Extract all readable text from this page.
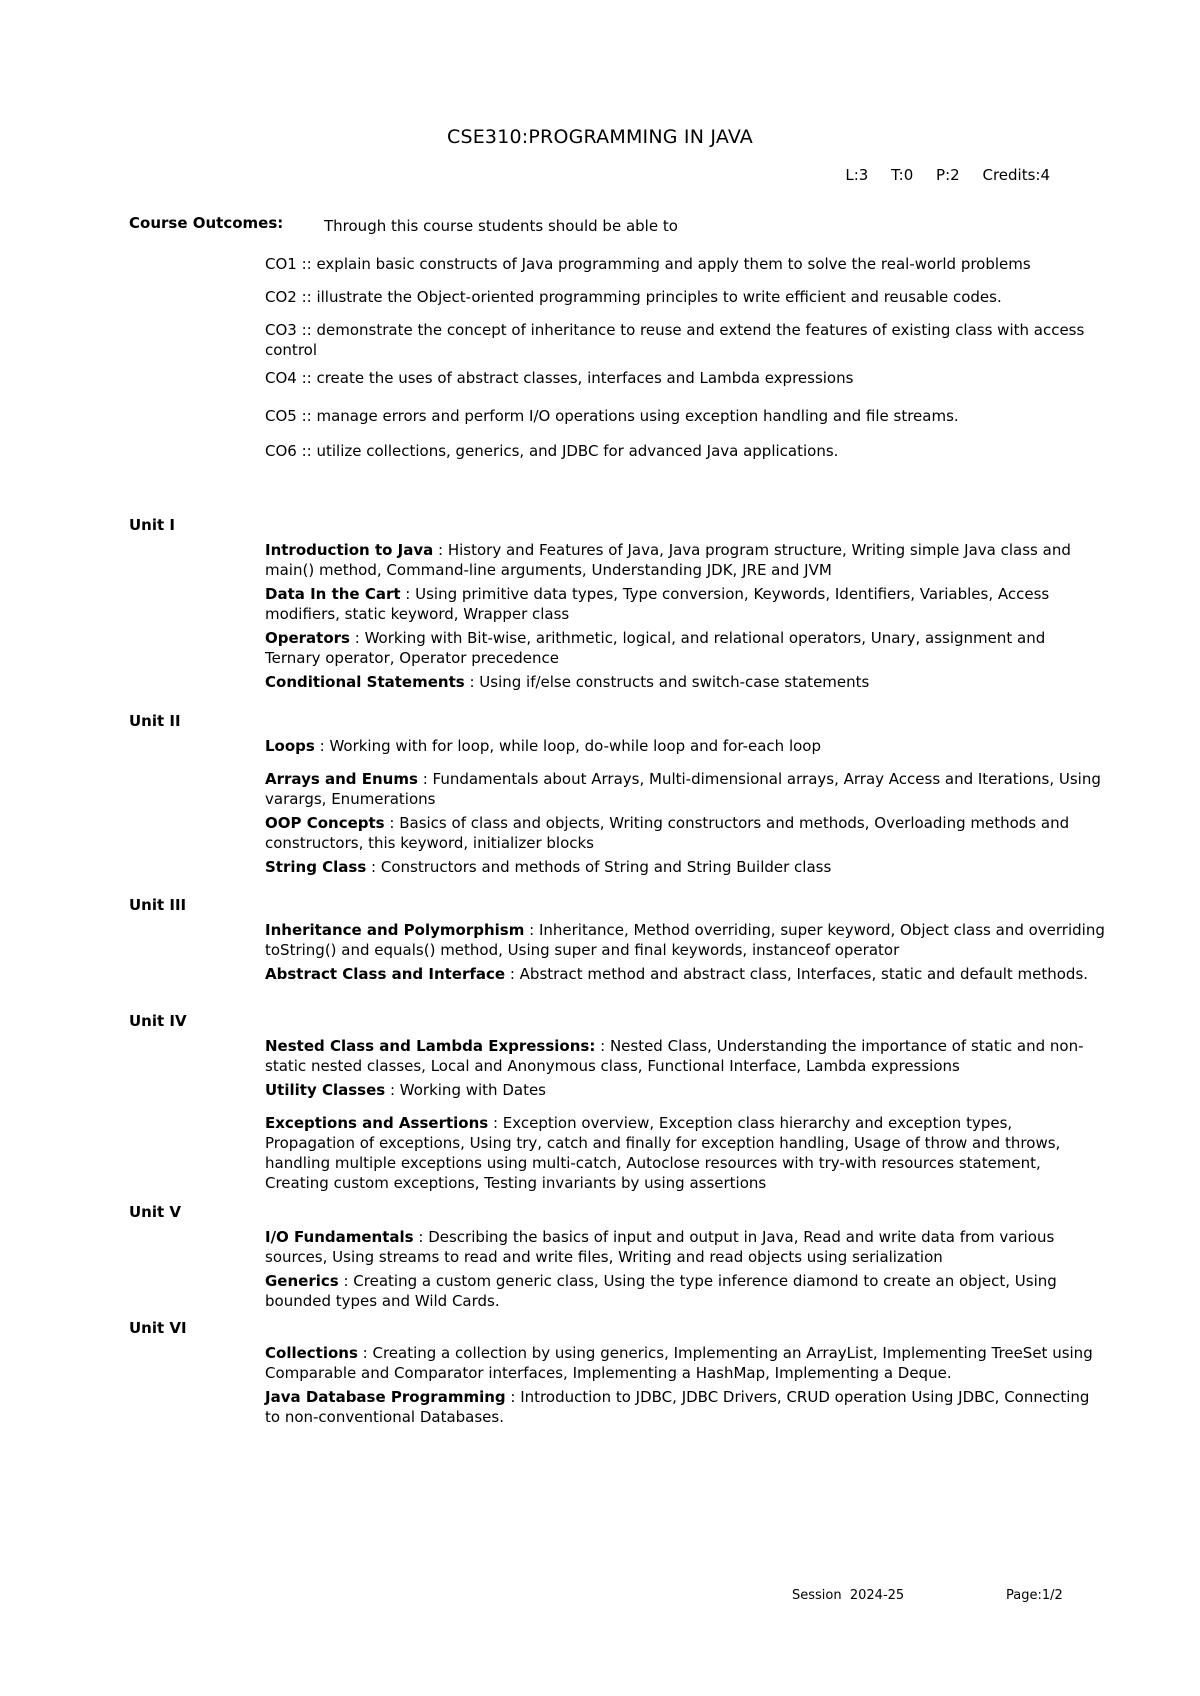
CSE310:PROGRAMMING IN JAVA
L:3 T:0 P:2 Credits:4
Course Outcomes:	Through this course students should be able to

CO1 :: explain basic constructs of Java programming and apply them to solve the real-world problems

CO2 :: illustrate the Object-oriented programming principles to write efficient and reusable codes.

CO3 :: demonstrate the concept of inheritance to reuse and extend the features of existing class with access control

CO4 :: create the uses of abstract classes, interfaces and Lambda expressions

CO5 :: manage errors and perform I/O operations using exception handling and file streams.

CO6 :: utilize collections, generics, and JDBC for advanced Java applications.

Unit I

Introduction to Java : History and Features of Java, Java program structure, Writing simple Java class and main() method, Command-line arguments, Understanding JDK, JRE and JVM

Data In the Cart : Using primitive data types, Type conversion, Keywords, Identifiers, Variables, Access modifiers, static keyword, Wrapper class

Operators : Working with Bit-wise, arithmetic, logical, and relational operators, Unary, assignment and Ternary operator, Operator precedence

Conditional Statements : Using if/else constructs and switch-case statements

Unit II

Loops : Working with for loop, while loop, do-while loop and for-each loop

Arrays and Enums : Fundamentals about Arrays, Multi-dimensional arrays, Array Access and Iterations, Using varargs, Enumerations

OOP Concepts : Basics of class and objects, Writing constructors and methods, Overloading methods and constructors, this keyword, initializer blocks

String Class : Constructors and methods of String and String Builder class

Unit III

Inheritance and Polymorphism : Inheritance, Method overriding, super keyword, Object class and overriding toString() and equals() method, Using super and final keywords, instanceof operator

Abstract Class and Interface : Abstract method and abstract class, Interfaces, static and default methods.

Unit IV

Nested Class and Lambda Expressions: : Nested Class, Understanding the importance of static and non-static nested classes, Local and Anonymous class, Functional Interface, Lambda expressions

Utility Classes : Working with Dates

Exceptions and Assertions : Exception overview, Exception class hierarchy and exception types, Propagation of exceptions, Using try, catch and finally for exception handling, Usage of throw and throws, handling multiple exceptions using multi-catch, Autoclose resources with try-with resources statement, Creating custom exceptions, Testing invariants by using assertions

Unit V

I/O Fundamentals : Describing the basics of input and output in Java, Read and write data from various sources, Using streams to read and write files, Writing and read objects using serialization

Generics : Creating a custom generic class, Using the type inference diamond to create an object, Using bounded types and Wild Cards.

Unit VI

Collections : Creating a collection by using generics, Implementing an ArrayList, Implementing TreeSet using Comparable and Comparator interfaces, Implementing a HashMap, Implementing a Deque.

Java Database Programming : Introduction to JDBC, JDBC Drivers, CRUD operation Using JDBC, Connecting to non-conventional Databases.

Session  2024-25	Page:1/2
